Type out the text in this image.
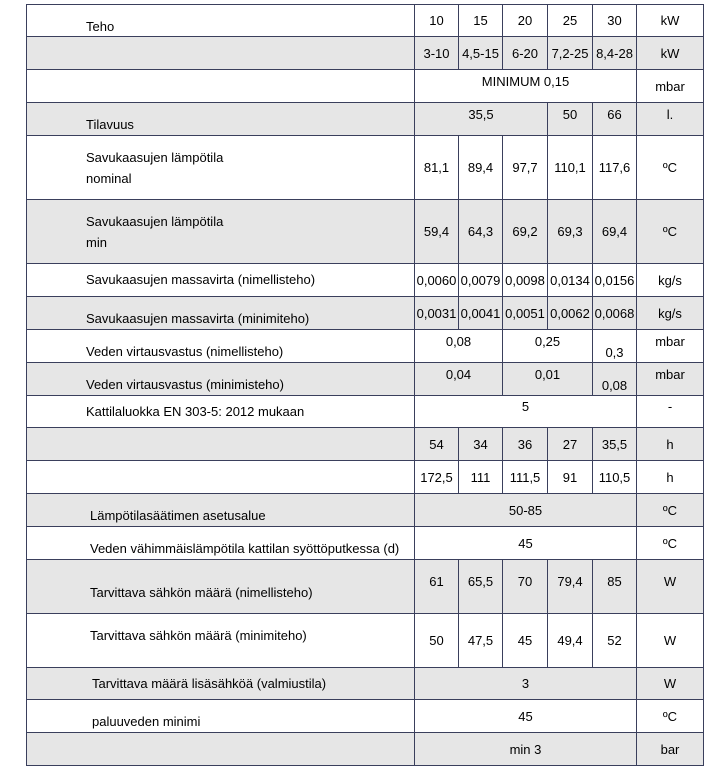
Teho	10	15	20	25	30	kW
	3-10	4,5-15	6-20	7,2-25	8,4-28	kW

	MINIMUM 0,15					mbar

Tilavuus	35,5			50	66	l.

Savukaasujen lämpötila
nominal	81,1	89,4	97,7	110,1	117,6	ºC

Savukaasujen lämpötila
min	59,4	64,3	69,2	69,3	69,4	ºC
Savukaasujen massavirta (nimellisteho)	0,0060	0,0079	0,0098	0,0134	0,0156	kg/s

Savukaasujen massavirta (minimiteho)	0,0031	0,0041	0,0051	0,0062	0,0068	kg/s

Veden virtausvastus (nimellisteho)	0,08		0,25		0,3	mbar

Veden virtausvastus (minimisteho)	0,04		0,01		0,08	mbar

Kattilaluokka EN 303-5: 2012 mukaan	5					-

	54	34	36	27	35,5	h
	172,5	111	111,5	91	110,5	h

Lämpötilasäätimen asetusalue	50-85					ºC

Veden vähimmäislämpötila kattilan syöttöputkessa (d)	45					ºC

Tarvittava sähkön määrä (nimellisteho)	61	65,5	70	79,4	85	W

Tarvittava sähkön määrä (minimiteho)	50	47,5	45	49,4	52	W
Tarvittava määrä lisäsähköä (valmiustila)	3					W

paluuveden minimi	45					ºC
	min 3					bar
